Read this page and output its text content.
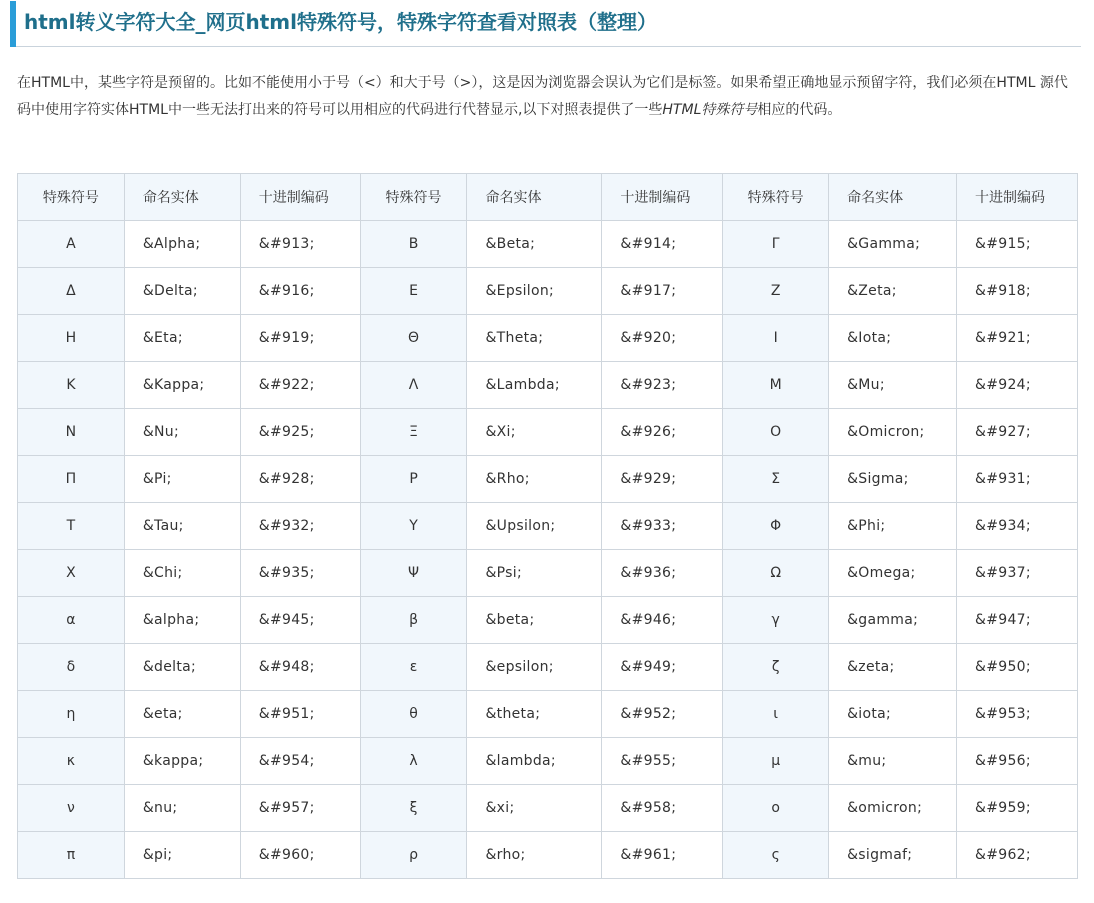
html转义字符大全_网页html特殊符号，特殊字符查看对照表（整理）
在HTML中，某些字符是预留的。比如不能使用小于号（<）和大于号（>），这是因为浏览器会误认为它们是标签。如果希望正确地显示预留字符，我们必须在HTML 源代码中使用字符实体HTML中一些无法打出来的符号可以用相应的代码进行代替显示,以下对照表提供了一些HTML特殊符号相应的代码。
特殊符号	命名实体	十进制编码	特殊符号	命名实体	十进制编码	特殊符号	命名实体	十进制编码
Α	&Alpha;	&#913;	Β	&Beta;	&#914;	Γ	&Gamma;	&#915;
Δ	&Delta;	&#916;	Ε	&Epsilon;	&#917;	Ζ	&Zeta;	&#918;
Η	&Eta;	&#919;	Θ	&Theta;	&#920;	Ι	&Iota;	&#921;
Κ	&Kappa;	&#922;	Λ	&Lambda;	&#923;	Μ	&Mu;	&#924;
Ν	&Nu;	&#925;	Ξ	&Xi;	&#926;	Ο	&Omicron;	&#927;
Π	&Pi;	&#928;	Ρ	&Rho;	&#929;	Σ	&Sigma;	&#931;
Τ	&Tau;	&#932;	Υ	&Upsilon;	&#933;	Φ	&Phi;	&#934;
Χ	&Chi;	&#935;	Ψ	&Psi;	&#936;	Ω	&Omega;	&#937;
α	&alpha;	&#945;	β	&beta;	&#946;	γ	&gamma;	&#947;
δ	&delta;	&#948;	ε	&epsilon;	&#949;	ζ	&zeta;	&#950;
η	&eta;	&#951;	θ	&theta;	&#952;	ι	&iota;	&#953;
κ	&kappa;	&#954;	λ	&lambda;	&#955;	μ	&mu;	&#956;
ν	&nu;	&#957;	ξ	&xi;	&#958;	ο	&omicron;	&#959;
π	&pi;	&#960;	ρ	&rho;	&#961;	ς	&sigmaf;	&#962;
